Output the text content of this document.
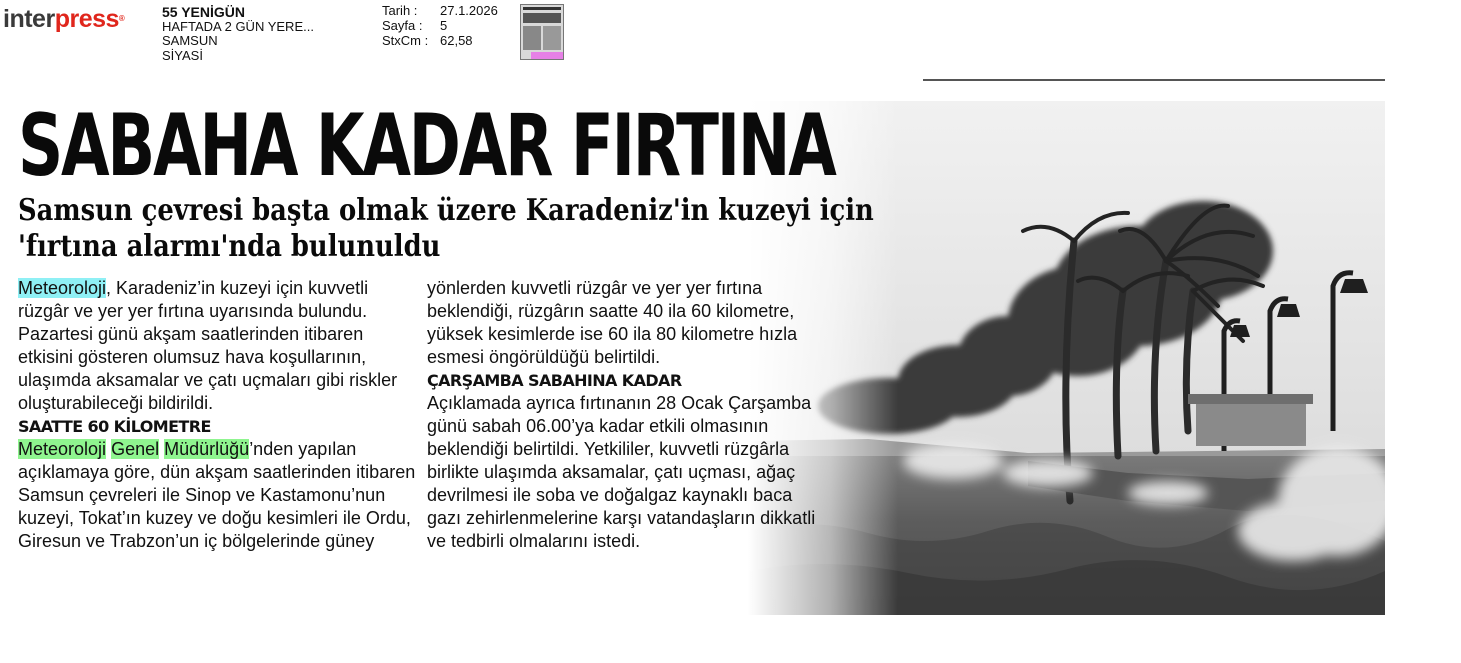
interpress®	55 YENİGÜN
HAFTADA 2 GÜN YERE...
SAMSUN
SİYASİ
Tarih :	27.1.2026
Sayfa :	5
StxCm : 62,58
SABAHA KADAR FIRTINA
Samsun çevresi başta olmak üzere Karadeniz'in kuzeyi için 'fırtına alarmı'nda bulunuldu

Meteoroloji, Karadeniz’in kuzeyi için kuvvetli rüzgâr ve yer yer fırtına uyarısında bulundu. Pazartesi günü akşam saatlerinden itibaren etkisini gösteren olumsuz hava koşullarının, ulaşımda aksamalar ve çatı uçmaları gibi riskler oluşturabileceği bildirildi.

SAATTE 60 KİLOMETRE

Meteoroloji Genel Müdürlüğü’nden yapılan açıklamaya göre, dün akşam saatlerinden itibaren Samsun çevreleri ile Sinop ve Kastamonu’nun kuzeyi, Tokat’ın kuzey ve doğu kesimleri ile Ordu, Giresun ve Trabzon’un iç bölgelerinde güney

yönlerden kuvvetli rüzgâr ve yer yer fırtına beklendiği, rüzgârın saatte 40 ila 60 kilometre, yüksek kesimlerde ise 60 ila 80 kilometre hızla esmesi öngörüldüğü belirtildi.

ÇARŞAMBA SABAHINA KADAR

Açıklamada ayrıca fırtınanın 28 Ocak Çarşamba günü sabah 06.00’ya kadar etkili olmasının beklendiği belirtildi. Yetkililer, kuvvetli rüzgârla birlikte ulaşımda aksamalar, çatı uçması, ağaç devrilmesi ile soba ve doğalgaz kaynaklı baca gazı zehirlenmelerine karşı vatandaşların dikkatli ve tedbirli olmalarını istedi.
